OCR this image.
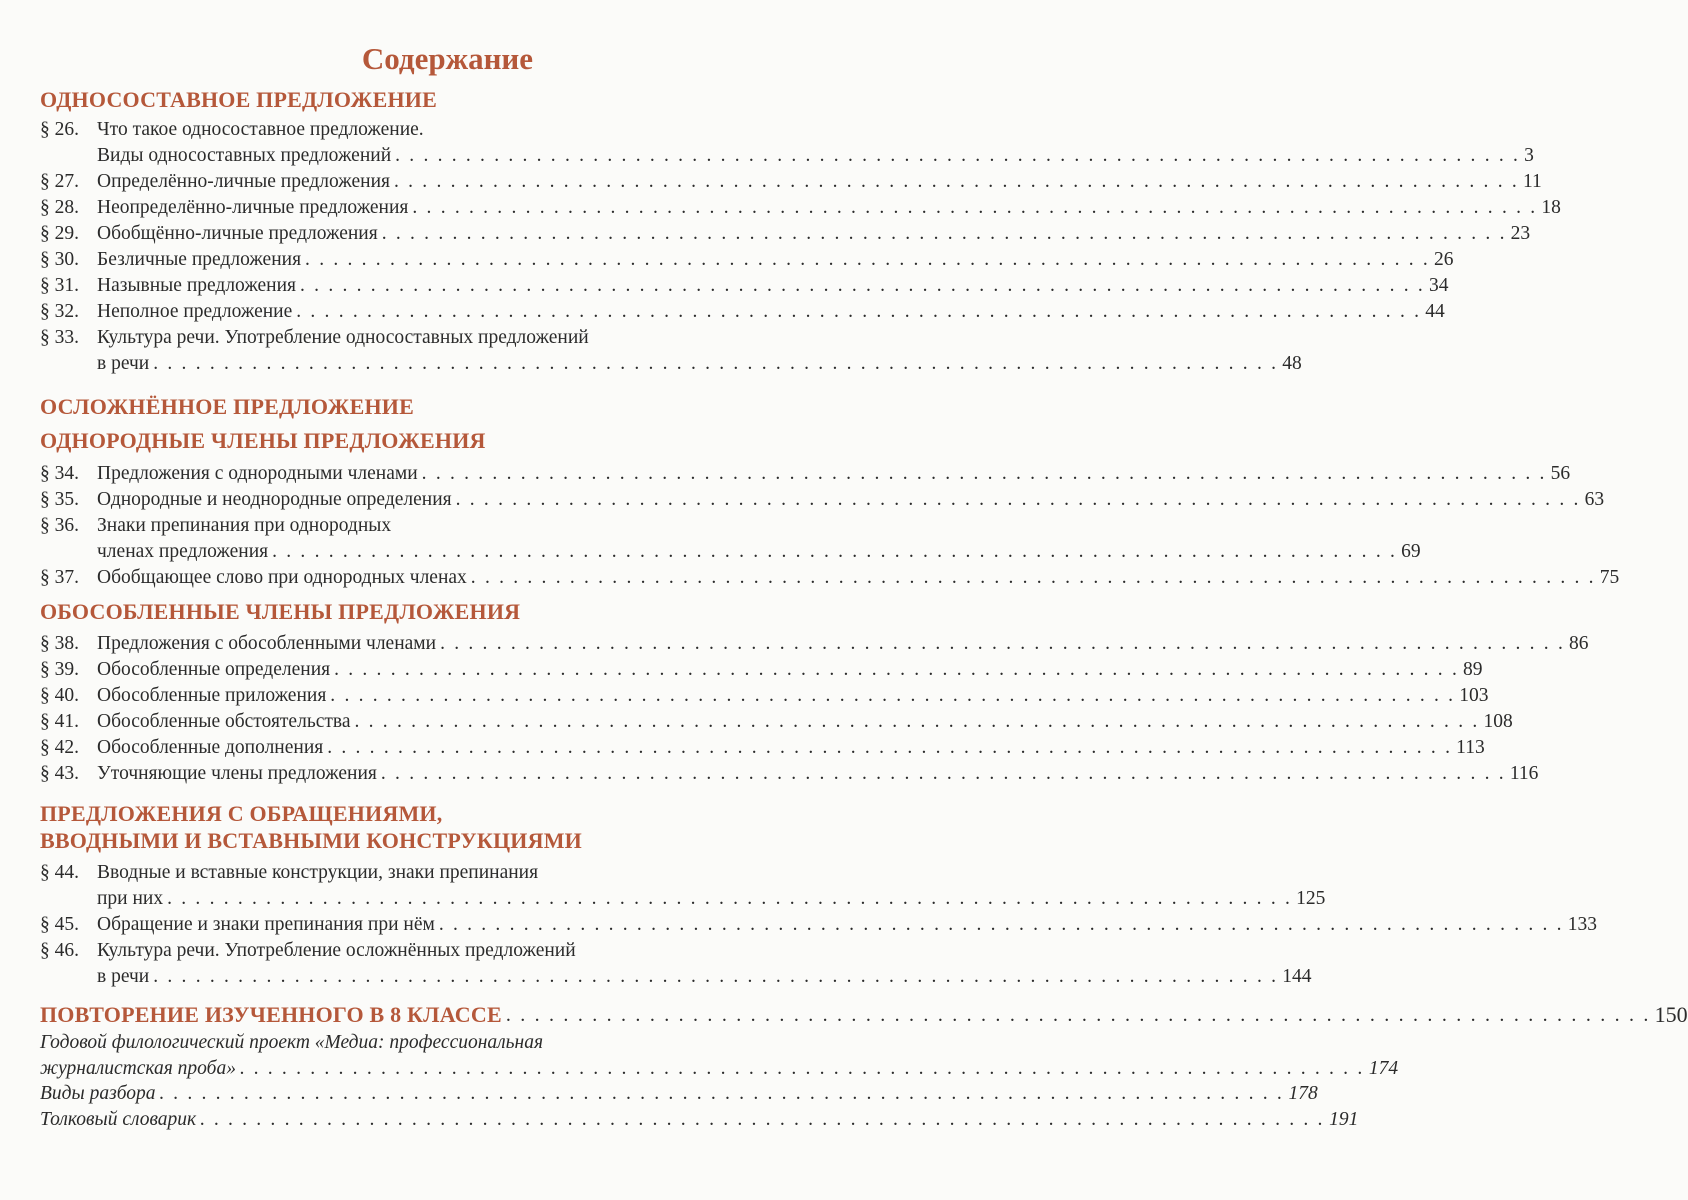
Содержание
ОДНОСОСТАВНОЕ ПРЕДЛОЖЕНИЕ
§ 26. Что такое односоставное предложение.
Виды односоставных предложений . . . . . . . . . . . . . . . . . . . . . . . . . . . . . . . . . . . . . . . . . . . . . . . . . . . . . . . . . . . . . . . . . . . . . . . . . . . . . . . . 3
§ 27. Определённо-личные предложения . . . . . . . . . . . . . . . . . . . . . . . . . . . . . . . . . . . . . . . . . . . . . . . . . . . . . . . . . . . . . . . . . . . . . . . . . . . . . . . . 11
§ 28. Неопределённо-личные предложения . . . . . . . . . . . . . . . . . . . . . . . . . . . . . . . . . . . . . . . . . . . . . . . . . . . . . . . . . . . . . . . . . . . . . . . . . . . . . . . . 18
§ 29. Обобщённо-личные предложения . . . . . . . . . . . . . . . . . . . . . . . . . . . . . . . . . . . . . . . . . . . . . . . . . . . . . . . . . . . . . . . . . . . . . . . . . . . . . . . . 23
§ 30. Безличные предложения . . . . . . . . . . . . . . . . . . . . . . . . . . . . . . . . . . . . . . . . . . . . . . . . . . . . . . . . . . . . . . . . . . . . . . . . . . . . . . . . 26
§ 31. Назывные предложения . . . . . . . . . . . . . . . . . . . . . . . . . . . . . . . . . . . . . . . . . . . . . . . . . . . . . . . . . . . . . . . . . . . . . . . . . . . . . . . . 34
§ 32. Неполное предложение . . . . . . . . . . . . . . . . . . . . . . . . . . . . . . . . . . . . . . . . . . . . . . . . . . . . . . . . . . . . . . . . . . . . . . . . . . . . . . . . 44
§ 33. Культура речи. Употребление односоставных предложений
в речи . . . . . . . . . . . . . . . . . . . . . . . . . . . . . . . . . . . . . . . . . . . . . . . . . . . . . . . . . . . . . . . . . . . . . . . . . . . . . . . . 48
ОСЛОЖНЁННОЕ ПРЕДЛОЖЕНИЕ
ОДНОРОДНЫЕ ЧЛЕНЫ ПРЕДЛОЖЕНИЯ
§ 34. Предложения с однородными членами . . . . . . . . . . . . . . . . . . . . . . . . . . . . . . . . . . . . . . . . . . . . . . . . . . . . . . . . . . . . . . . . . . . . . . . . . . . . . . . . 56
§ 35. Однородные и неоднородные определения . . . . . . . . . . . . . . . . . . . . . . . . . . . . . . . . . . . . . . . . . . . . . . . . . . . . . . . . . . . . . . . . . . . . . . . . . . . . . . . . 63
§ 36. Знаки препинания при однородных
членах предложения . . . . . . . . . . . . . . . . . . . . . . . . . . . . . . . . . . . . . . . . . . . . . . . . . . . . . . . . . . . . . . . . . . . . . . . . . . . . . . . . 69
§ 37. Обобщающее слово при однородных членах . . . . . . . . . . . . . . . . . . . . . . . . . . . . . . . . . . . . . . . . . . . . . . . . . . . . . . . . . . . . . . . . . . . . . . . . . . . . . . . . 75
ОБОСОБЛЕННЫЕ ЧЛЕНЫ ПРЕДЛОЖЕНИЯ
§ 38. Предложения с обособленными членами . . . . . . . . . . . . . . . . . . . . . . . . . . . . . . . . . . . . . . . . . . . . . . . . . . . . . . . . . . . . . . . . . . . . . . . . . . . . . . . . 86
§ 39. Обособленные определения . . . . . . . . . . . . . . . . . . . . . . . . . . . . . . . . . . . . . . . . . . . . . . . . . . . . . . . . . . . . . . . . . . . . . . . . . . . . . . . . 89
§ 40. Обособленные приложения . . . . . . . . . . . . . . . . . . . . . . . . . . . . . . . . . . . . . . . . . . . . . . . . . . . . . . . . . . . . . . . . . . . . . . . . . . . . . . . . 103
§ 41. Обособленные обстоятельства . . . . . . . . . . . . . . . . . . . . . . . . . . . . . . . . . . . . . . . . . . . . . . . . . . . . . . . . . . . . . . . . . . . . . . . . . . . . . . . . 108
§ 42. Обособленные дополнения . . . . . . . . . . . . . . . . . . . . . . . . . . . . . . . . . . . . . . . . . . . . . . . . . . . . . . . . . . . . . . . . . . . . . . . . . . . . . . . . 113
§ 43. Уточняющие члены предложения . . . . . . . . . . . . . . . . . . . . . . . . . . . . . . . . . . . . . . . . . . . . . . . . . . . . . . . . . . . . . . . . . . . . . . . . . . . . . . . . 116
ПРЕДЛОЖЕНИЯ С ОБРАЩЕНИЯМИ,
ВВОДНЫМИ И ВСТАВНЫМИ КОНСТРУКЦИЯМИ
§ 44. Вводные и вставные конструкции, знаки препинания
при них . . . . . . . . . . . . . . . . . . . . . . . . . . . . . . . . . . . . . . . . . . . . . . . . . . . . . . . . . . . . . . . . . . . . . . . . . . . . . . . . 125
§ 45. Обращение и знаки препинания при нём . . . . . . . . . . . . . . . . . . . . . . . . . . . . . . . . . . . . . . . . . . . . . . . . . . . . . . . . . . . . . . . . . . . . . . . . . . . . . . . . 133
§ 46. Культура речи. Употребление осложнённых предложений
в речи . . . . . . . . . . . . . . . . . . . . . . . . . . . . . . . . . . . . . . . . . . . . . . . . . . . . . . . . . . . . . . . . . . . . . . . . . . . . . . . . 144
ПОВТОРЕНИЕ ИЗУЧЕННОГО В 8 КЛАССЕ . . . . . . . . . . . . . . . . . . . . . . . . . . . . . . . . . . . . . . . . . . . . . . . . . . . . . . . . . . . . . . . . . . . . . . . . . . . . . . . . 150
Годовой филологический проект «Медиа: профессиональная
журналистская проба» . . . . . . . . . . . . . . . . . . . . . . . . . . . . . . . . . . . . . . . . . . . . . . . . . . . . . . . . . . . . . . . . . . . . . . . . . . . . . . . . 174
Виды разбора . . . . . . . . . . . . . . . . . . . . . . . . . . . . . . . . . . . . . . . . . . . . . . . . . . . . . . . . . . . . . . . . . . . . . . . . . . . . . . . . 178
Толковый словарик . . . . . . . . . . . . . . . . . . . . . . . . . . . . . . . . . . . . . . . . . . . . . . . . . . . . . . . . . . . . . . . . . . . . . . . . . . . . . . . . 191
